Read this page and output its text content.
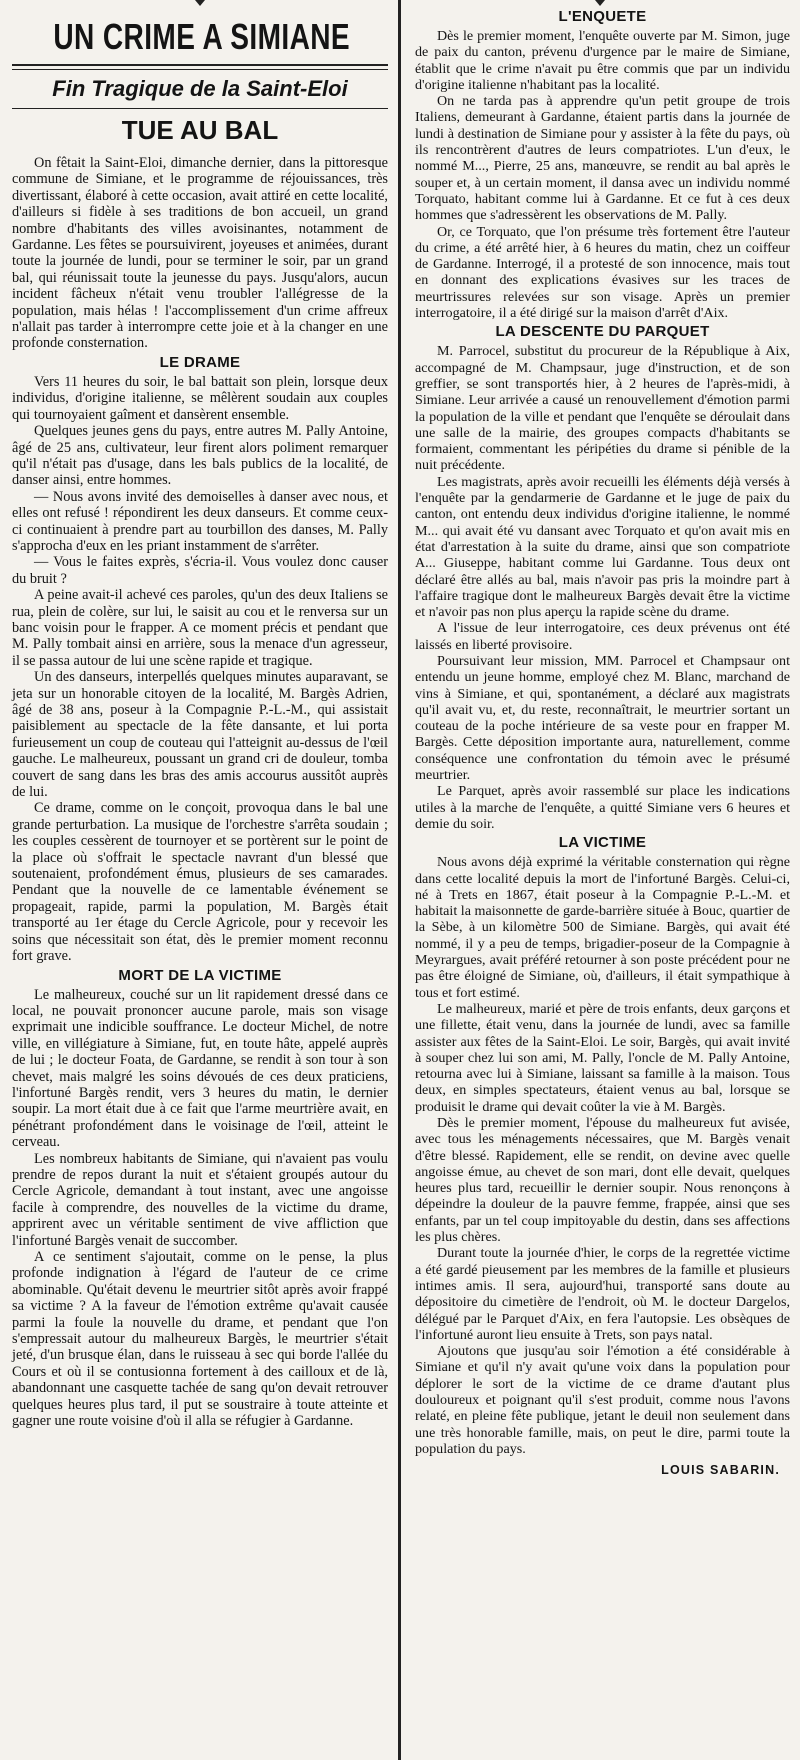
UN CRIME A SIMIANE
Fin Tragique de la Saint-Eloi
TUE AU BAL

On fêtait la Saint-Eloi, dimanche dernier, dans la pittoresque commune de Simiane, et le programme de réjouissances, très divertissant, élaboré à cette occasion, avait attiré en cette localité, d'ailleurs si fidèle à ses traditions de bon accueil, un grand nombre d'habitants des villes avoisinantes, notamment de Gardanne. Les fêtes se poursuivirent, joyeuses et animées, durant toute la journée de lundi, pour se terminer le soir, par un grand bal, qui réunissait toute la jeunesse du pays. Jusqu'alors, aucun incident fâcheux n'était venu troubler l'allégresse de la population, mais hélas ! l'accomplissement d'un crime affreux n'allait pas tarder à interrompre cette joie et à la changer en une profonde consternation.

LE DRAME

Vers 11 heures du soir, le bal battait son plein, lorsque deux individus, d'origine italienne, se mêlèrent soudain aux couples qui tournoyaient gaîment et dansèrent ensemble.

Quelques jeunes gens du pays, entre autres M. Pally Antoine, âgé de 25 ans, cultivateur, leur firent alors poliment remarquer qu'il n'était pas d'usage, dans les bals publics de la localité, de danser ainsi, entre hommes.

— Nous avons invité des demoiselles à danser avec nous, et elles ont refusé ! répondirent les deux danseurs. Et comme ceux-ci continuaient à prendre part au tourbillon des danses, M. Pally s'approcha d'eux en les priant instamment de s'arrêter.

— Vous le faites exprès, s'écria-il. Vous voulez donc causer du bruit ?

A peine avait-il achevé ces paroles, qu'un des deux Italiens se rua, plein de colère, sur lui, le saisit au cou et le renversa sur un banc voisin pour le frapper. A ce moment précis et pendant que M. Pally tombait ainsi en arrière, sous la menace d'un agresseur, il se passa autour de lui une scène rapide et tragique.

Un des danseurs, interpellés quelques minutes auparavant, se jeta sur un honorable citoyen de la localité, M. Bargès Adrien, âgé de 38 ans, poseur à la Compagnie P.-L.-M., qui assistait paisiblement au spectacle de la fête dansante, et lui porta furieusement un coup de couteau qui l'atteignit au-dessus de l'œil gauche. Le malheureux, poussant un grand cri de douleur, tomba couvert de sang dans les bras des amis accourus aussitôt auprès de lui.

Ce drame, comme on le conçoit, provoqua dans le bal une grande perturbation. La musique de l'orchestre s'arrêta soudain ; les couples cessèrent de tournoyer et se portèrent sur le point de la place où s'offrait le spectacle navrant d'un blessé que soutenaient, profondément émus, plusieurs de ses camarades. Pendant que la nouvelle de ce lamentable événement se propageait, rapide, parmi la population, M. Bargès était transporté au 1er étage du Cercle Agricole, pour y recevoir les soins que nécessitait son état, dès le premier moment reconnu fort grave.

MORT DE LA VICTIME

Le malheureux, couché sur un lit rapidement dressé dans ce local, ne pouvait prononcer aucune parole, mais son visage exprimait une indicible souffrance. Le docteur Michel, de notre ville, en villégiature à Simiane, fut, en toute hâte, appelé auprès de lui ; le docteur Foata, de Gardanne, se rendit à son tour à son chevet, mais malgré les soins dévoués de ces deux praticiens, l'infortuné Bargès rendit, vers 3 heures du matin, le dernier soupir. La mort était due à ce fait que l'arme meurtrière avait, en pénétrant profondément dans le voisinage de l'œil, atteint le cerveau.

Les nombreux habitants de Simiane, qui n'avaient pas voulu prendre de repos durant la nuit et s'étaient groupés autour du Cercle Agricole, demandant à tout instant, avec une angoisse facile à comprendre, des nouvelles de la victime du drame, apprirent avec un véritable sentiment de vive affliction que l'infortuné Bargès venait de succomber.

A ce sentiment s'ajoutait, comme on le pense, la plus profonde indignation à l'égard de l'auteur de ce crime abominable. Qu'était devenu le meurtrier sitôt après avoir frappé sa victime ? A la faveur de l'émotion extrême qu'avait causée parmi la foule la nouvelle du drame, et pendant que l'on s'empressait autour du malheureux Bargès, le meurtrier s'était jeté, d'un brusque élan, dans le ruisseau à sec qui borde l'allée du Cours et où il se contusionna fortement à des cailloux et de là, abandonnant une casquette tachée de sang qu'on devait retrouver quelques heures plus tard, il put se soustraire à toute atteinte et gagner une route voisine d'où il alla se réfugier à Gardanne.

L'ENQUETE

Dès le premier moment, l'enquête ouverte par M. Simon, juge de paix du canton, prévenu d'urgence par le maire de Simiane, établit que le crime n'avait pu être commis que par un individu d'origine italienne n'habitant pas la localité.

On ne tarda pas à apprendre qu'un petit groupe de trois Italiens, demeurant à Gardanne, étaient partis dans la journée de lundi à destination de Simiane pour y assister à la fête du pays, où ils rencontrèrent d'autres de leurs compatriotes. L'un d'eux, le nommé M..., Pierre, 25 ans, manœuvre, se rendit au bal après le souper et, à un certain moment, il dansa avec un individu nommé Torquato, habitant comme lui à Gardanne. Et ce fut à ces deux hommes que s'adressèrent les observations de M. Pally.

Or, ce Torquato, que l'on présume très fortement être l'auteur du crime, a été arrêté hier, à 6 heures du matin, chez un coiffeur de Gardanne. Interrogé, il a protesté de son innocence, mais tout en donnant des explications évasives sur les traces de meurtrissures relevées sur son visage. Après un premier interrogatoire, il a été dirigé sur la maison d'arrêt d'Aix.

LA DESCENTE DU PARQUET

M. Parrocel, substitut du procureur de la République à Aix, accompagné de M. Champsaur, juge d'instruction, et de son greffier, se sont transportés hier, à 2 heures de l'après-midi, à Simiane. Leur arrivée a causé un renouvellement d'émotion parmi la population de la ville et pendant que l'enquête se déroulait dans une salle de la mairie, des groupes compacts d'habitants se formaient, commentant les péripéties du drame si pénible de la nuit précédente.

Les magistrats, après avoir recueilli les éléments déjà versés à l'enquête par la gendarmerie de Gardanne et le juge de paix du canton, ont entendu deux individus d'origine italienne, le nommé M... qui avait été vu dansant avec Torquato et qu'on avait mis en état d'arrestation à la suite du drame, ainsi que son compatriote A... Giuseppe, habitant comme lui Gardanne. Tous deux ont déclaré être allés au bal, mais n'avoir pas pris la moindre part à l'affaire tragique dont le malheureux Bargès devait être la victime et n'avoir pas non plus aperçu la rapide scène du drame.

A l'issue de leur interrogatoire, ces deux prévenus ont été laissés en liberté provisoire.

Poursuivant leur mission, MM. Parrocel et Champsaur ont entendu un jeune homme, employé chez M. Blanc, marchand de vins à Simiane, et qui, spontanément, a déclaré aux magistrats qu'il avait vu, et, du reste, reconnaîtrait, le meurtrier sortant un couteau de la poche intérieure de sa veste pour en frapper M. Bargès. Cette déposition importante aura, naturellement, comme conséquence une confrontation du témoin avec le présumé meurtrier.

Le Parquet, après avoir rassemblé sur place les indications utiles à la marche de l'enquête, a quitté Simiane vers 6 heures et demie du soir.

LA VICTIME

Nous avons déjà exprimé la véritable consternation qui règne dans cette localité depuis la mort de l'infortuné Bargès. Celui-ci, né à Trets en 1867, était poseur à la Compagnie P.-L.-M. et habitait la maisonnette de garde-barrière située à Bouc, quartier de la Sèbe, à un kilomètre 500 de Simiane. Bargès, qui avait été nommé, il y a peu de temps, brigadier-poseur de la Compagnie à Meyrargues, avait préféré retourner à son poste précédent pour ne pas être éloigné de Simiane, où, d'ailleurs, il était sympathique à tous et fort estimé.

Le malheureux, marié et père de trois enfants, deux garçons et une fillette, était venu, dans la journée de lundi, avec sa famille assister aux fêtes de la Saint-Eloi. Le soir, Bargès, qui avait invité à souper chez lui son ami, M. Pally, l'oncle de M. Pally Antoine, retourna avec lui à Simiane, laissant sa famille à la maison. Tous deux, en simples spectateurs, étaient venus au bal, lorsque se produisit le drame qui devait coûter la vie à M. Bargès.

Dès le premier moment, l'épouse du malheureux fut avisée, avec tous les ménagements nécessaires, que M. Bargès venait d'être blessé. Rapidement, elle se rendit, on devine avec quelle angoisse émue, au chevet de son mari, dont elle devait, quelques heures plus tard, recueillir le dernier soupir. Nous renonçons à dépeindre la douleur de la pauvre femme, frappée, ainsi que ses enfants, par un tel coup impitoyable du destin, dans ses affections les plus chères.

Durant toute la journée d'hier, le corps de la regrettée victime a été gardé pieusement par les membres de la famille et plusieurs intimes amis. Il sera, aujourd'hui, transporté sans doute au dépositoire du cimetière de l'endroit, où M. le docteur Dargelos, délégué par le Parquet d'Aix, en fera l'autopsie. Les obsèques de l'infortuné auront lieu ensuite à Trets, son pays natal.

Ajoutons que jusqu'au soir l'émotion a été considérable à Simiane et qu'il n'y avait qu'une voix dans la population pour déplorer le sort de la victime de ce drame d'autant plus douloureux et poignant qu'il s'est produit, comme nous l'avons relaté, en pleine fête publique, jetant le deuil non seulement dans une très honorable famille, mais, on peut le dire, parmi toute la population du pays.

LOUIS SABARIN.
